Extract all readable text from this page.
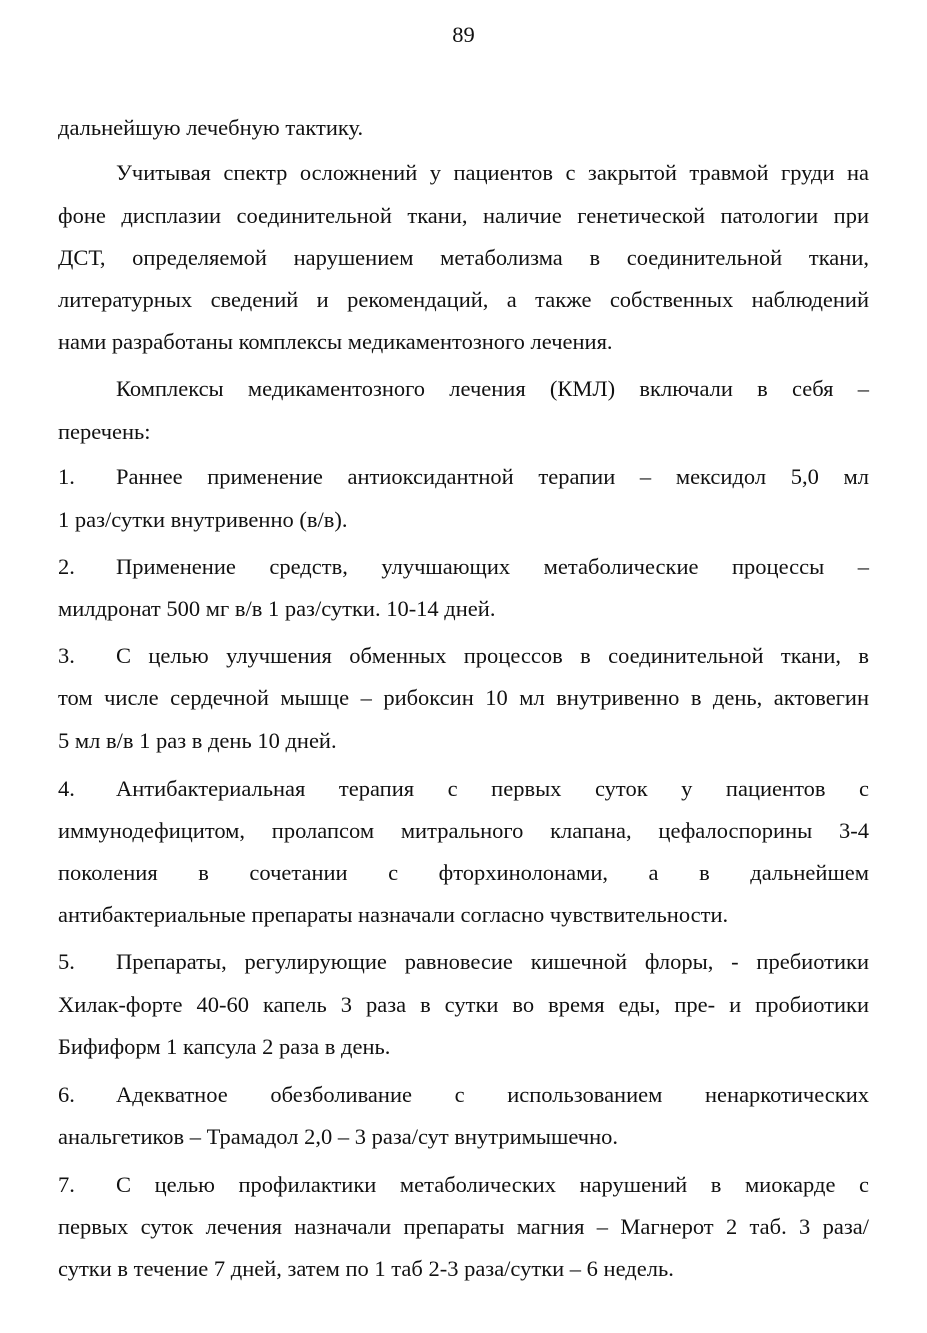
89
дальнейшую лечебную тактику.
Учитывая спектр осложнений у пациентов с закрытой травмой груди на
фоне дисплазии соединительной ткани, наличие генетической патологии при
ДСТ, определяемой нарушением метаболизма в соединительной ткани,
литературных сведений и рекомендаций, а также собственных наблюдений
нами разработаны комплексы медикаментозного лечения.
Комплексы медикаментозного лечения (КМЛ) включали в себя –
перечень:
1. Раннее применение антиоксидантной терапии – мексидол 5,0 мл
1 раз/сутки внутривенно (в/в).
2. Применение средств, улучшающих метаболические процессы –
милдронат 500 мг в/в 1 раз/сутки. 10-14 дней.
3. С целью улучшения обменных процессов в соединительной ткани, в
том числе сердечной мышце – рибоксин 10 мл внутривенно в день, актовегин
5 мл в/в 1 раз в день 10 дней.
4. Антибактериальная терапия с первых суток у пациентов с
иммунодефицитом, пролапсом митрального клапана, цефалоспорины 3-4
поколения в сочетании с фторхинолонами, а в дальнейшем
антибактериальные препараты назначали согласно чувствительности.
5. Препараты, регулирующие равновесие кишечной флоры, - пребиотики
Хилак-форте 40-60 капель 3 раза в сутки во время еды, пре- и пробиотики
Бифиформ 1 капсула 2 раза в день.
6. Адекватное обезболивание с использованием ненаркотических
анальгетиков – Трамадол 2,0 – 3 раза/сут внутримышечно.
7. С целью профилактики метаболических нарушений в миокарде с
первых суток лечения назначали препараты магния – Магнерот 2 таб. 3 раза/
сутки в течение 7 дней, затем по 1 таб 2-3 раза/сутки – 6 недель.
